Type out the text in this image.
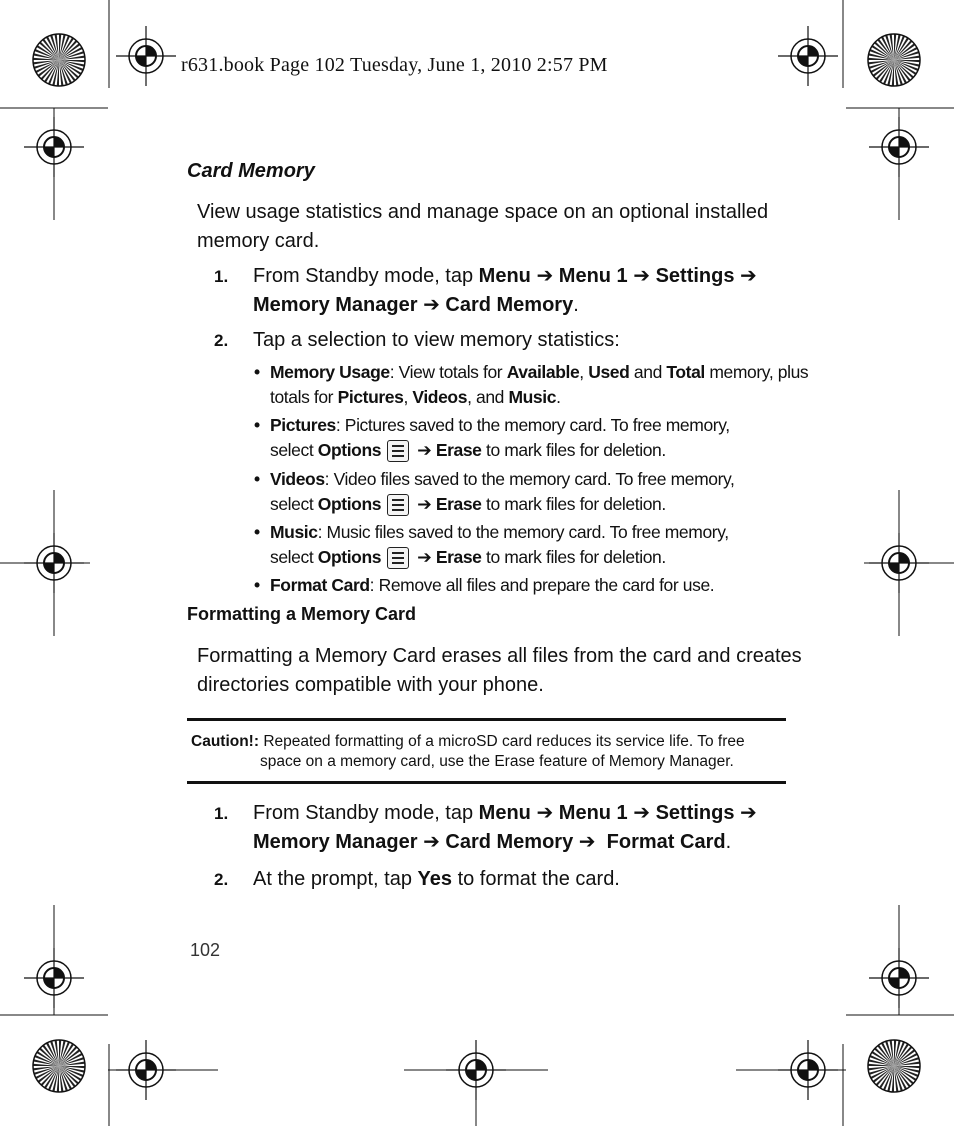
r631.book Page 102 Tuesday, June 1, 2010 2:57 PM
Card Memory
View usage statistics and manage space on an optional installed
memory card.
1. From Standby mode, tap Menu ➔ Menu 1 ➔ Settings ➔
Memory Manager ➔ Card Memory.
2. Tap a selection to view memory statistics:
• Memory Usage: View totals for Available, Used and Total memory, plus
totals for Pictures, Videos, and Music.
• Pictures: Pictures saved to the memory card. To free memory,
select Options ➔ Erase to mark files for deletion.
• Videos: Video files saved to the memory card. To free memory,
select Options ➔ Erase to mark files for deletion.
• Music: Music files saved to the memory card. To free memory,
select Options ➔ Erase to mark files for deletion.
• Format Card: Remove all files and prepare the card for use.
Formatting a Memory Card
Formatting a Memory Card erases all files from the card and creates
directories compatible with your phone.
Caution!: Repeated formatting of a microSD card reduces its service life. To free
space on a memory card, use the Erase feature of Memory Manager.
1. From Standby mode, tap Menu ➔ Menu 1 ➔ Settings ➔
Memory Manager ➔ Card Memory ➔ Format Card.
2. At the prompt, tap Yes to format the card.
102
